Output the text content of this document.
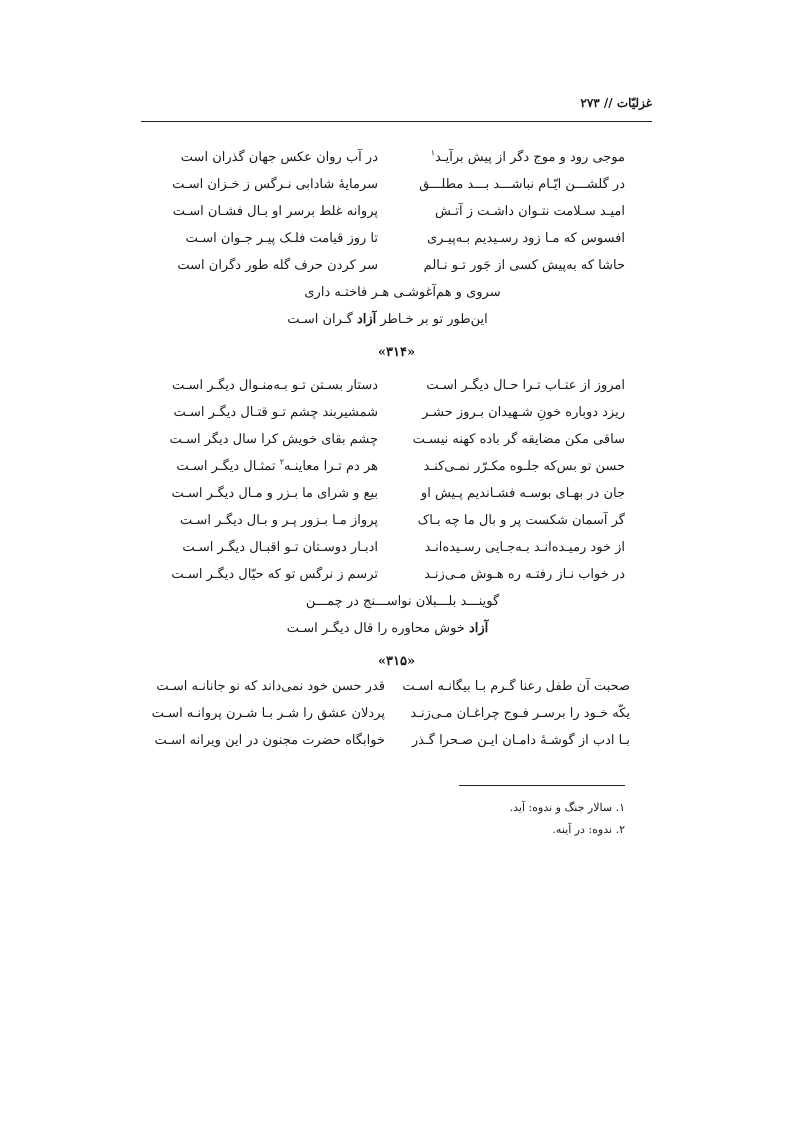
غزلیّات // ۲۷۳
موجی رود و موج دگر از پیش برآیـد$^۱$
در آب روان عکس جهان گذران است
در گلشـــن ایّـام نباشـــد بـــد مطلـــق
سرمایهٔ شادابی نـرگس ز خـزان اسـت
امیـد سـلامت نتـوان داشـت ز آتـش
پروانه غلط برسر او بـال فشـان اسـت
افسوس که مـا زود رسـیدیم بـه‌پیـری
تا روز قیامت فلـک پیـر جـوان اسـت
حاشا که به‌پیش کسی از جَور تـو نـالم
سر کردن حرف گله طور دگران است
سروی و هم‌آغوشـی هـر فاختـه داری
این‌طور تو بر خـاطر آزاد گـران اسـت
«۳۱۴»
امروز از عتـاب تـرا حـال دیگـر اسـت
دستار بسـتن تـو بـه‌منـوال دیگـر اسـت
ریزد دوباره خونِ شـهیدان بـروز حشـر
شمشیربند چشم تـو قتـال دیگـر اسـت
ساقی مکن مضایقه گر باده کهنه نیسـت
چشم بقای خویش کرا سال دیگر اسـت
حسن تو بس‌که جلـوه مکـرّر نمـی‌کنـد
هر دم تـرا معاینـه$^۲$ تمثـال دیگـر اسـت
جان در بهـای بوسـه فشـاندیم پـیش او
بیع و شرای ما بـزر و مـال دیگـر اسـت
گر آسمان شکست پر و بال ما چه بـاک
پرواز مـا بـزور پـر و بـال دیگـر اسـت
از خود رمیـده‌انـد بـه‌جـایی رسـیده‌انـد
ادبـار دوسـتان تـو اقبـال دیگـر اسـت
در خواب نـاز رفتـه ره هـوش مـی‌زنـد
ترسم ز نرگس تو که حیّال دیگـر اسـت
گوینـــد بلـــبلان نواســـنج در چمـــن
آزاد خوش محاوره را قال دیگـر اسـت
«۳۱۵»
صحبت آن طفل رعنا گـرم بـا بیگانـه اسـت
قدر حسن خود نمی‌داند که نو جانانـه اسـت
یکّه خـود را برسـر فـوج چراغـان مـی‌زنـد
پردلان عشق را شـر بـا شـرن پروانـه اسـت
بـا ادب از گوشـهٔ دامـان ایـن صـحرا گـذر
خوابگاه حضرت مجنون در این ویرانه اسـت
۱. سالار جنگ و ندوه: آید.
۲. ندوه: در آینه.
